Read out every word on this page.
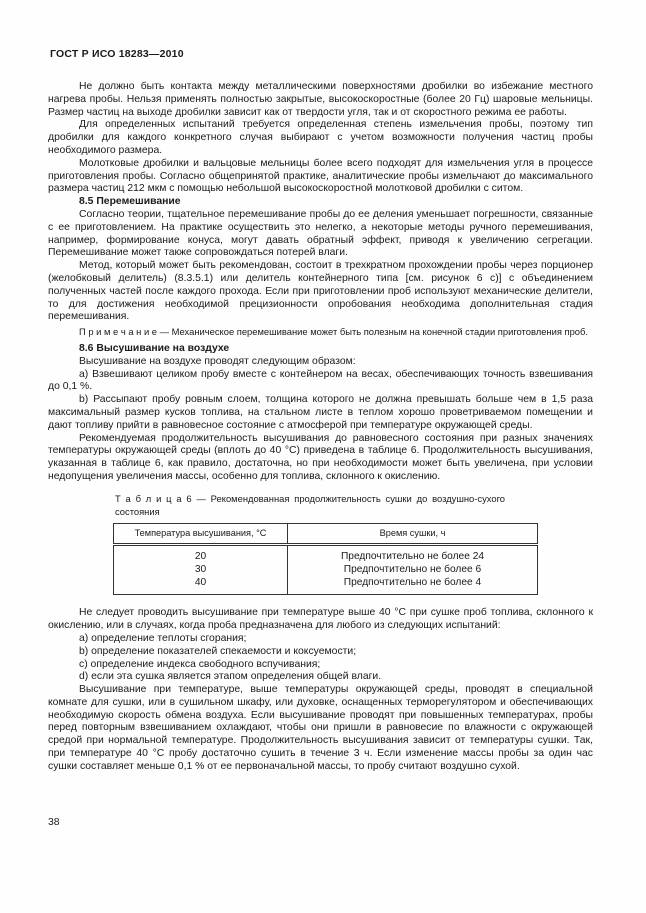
ГОСТ Р ИСО 18283—2010

Не должно быть контакта между металлическими поверхностями дробилки во избежание местного нагрева пробы. Нельзя применять полностью закрытые, высокоскоростные (более 20 Гц) шаровые мельницы. Размер частиц на выходе дробилки зависит как от твердости угля, так и от скоростного режима ее работы.

Для определенных испытаний требуется определенная степень измельчения пробы, поэтому тип дробилки для каждого конкретного случая выбирают с учетом возможности получения частиц пробы необходимого размера.

Молотковые дробилки и вальцовые мельницы более всего подходят для измельчения угля в процессе приготовления пробы. Согласно общепринятой практике, аналитические пробы измельчают до максимального размера частиц 212 мкм с помощью небольшой высокоскоростной молотковой дробилки с ситом.

8.5 Перемешивание

Согласно теории, тщательное перемешивание пробы до ее деления уменьшает погрешности, связанные с ее приготовлением. На практике осуществить это нелегко, а некоторые методы ручного перемешивания, например, формирование конуса, могут давать обратный эффект, приводя к увеличению сегрегации. Перемешивание может также сопровождаться потерей влаги.

Метод, который может быть рекомендован, состоит в трехкратном прохождении пробы через порционер (желобковый делитель) (8.3.5.1) или делитель контейнерного типа [см. рисунок 6 с)] с объединением полученных частей после каждого прохода. Если при приготовлении проб используют механические делители, то для достижения необходимой прецизионности опробования необходима дополнительная стадия перемешивания.

П р и м е ч а н и е — Механическое перемешивание может быть полезным на конечной стадии приготовления проб.

8.6 Высушивание на воздухе

Высушивание на воздухе проводят следующим образом:

a) Взвешивают целиком пробу вместе с контейнером на весах, обеспечивающих точность взвешивания до 0,1 %.

b) Рассыпают пробу ровным слоем, толщина которого не должна превышать больше чем в 1,5 раза максимальный размер кусков топлива, на стальном листе в теплом хорошо проветриваемом помещении и дают топливу прийти в равновесное состояние с атмосферой при температуре окружающей среды.

Рекомендуемая продолжительность высушивания до равновесного состояния при разных значениях температуры окружающей среды (вплоть до 40 °С) приведена в таблице 6. Продолжительность высушивания, указанная в таблице 6, как правило, достаточна, но при необходимости может быть увеличена, при условии недопущения увеличения массы, особенно для топлива, склонного к окислению.

Т а б л и ц а 6 — Рекомендованная продолжительность сушки до воздушно-сухого состояния

Температура высушивания, °С	Время сушки, ч
20	Предпочтительно не более 24
30	Предпочтительно не более 6
40	Предпочтительно не более 4

Не следует проводить высушивание при температуре выше 40 °С при сушке проб топлива, склонного к окислению, или в случаях, когда проба предназначена для любого из следующих испытаний:

a) определение теплоты сгорания;

b) определение показателей спекаемости и коксуемости;

c) определение индекса свободного вспучивания;

d) если эта сушка является этапом определения общей влаги.

Высушивание при температуре, выше температуры окружающей среды, проводят в специальной комнате для сушки, или в сушильном шкафу, или духовке, оснащенных терморегулятором и обеспечивающих необходимую скорость обмена воздуха. Если высушивание проводят при повышенных температурах, пробы перед повторным взвешиванием охлаждают, чтобы они пришли в равновесие по влажности с окружающей средой при нормальной температуре. Продолжительность высушивания зависит от температуры сушки. Так, при температуре 40 °С пробу достаточно сушить в течение 3 ч. Если изменение массы пробы за один час сушки составляет меньше 0,1 % от ее первоначальной массы, то пробу считают воздушно сухой.

38
